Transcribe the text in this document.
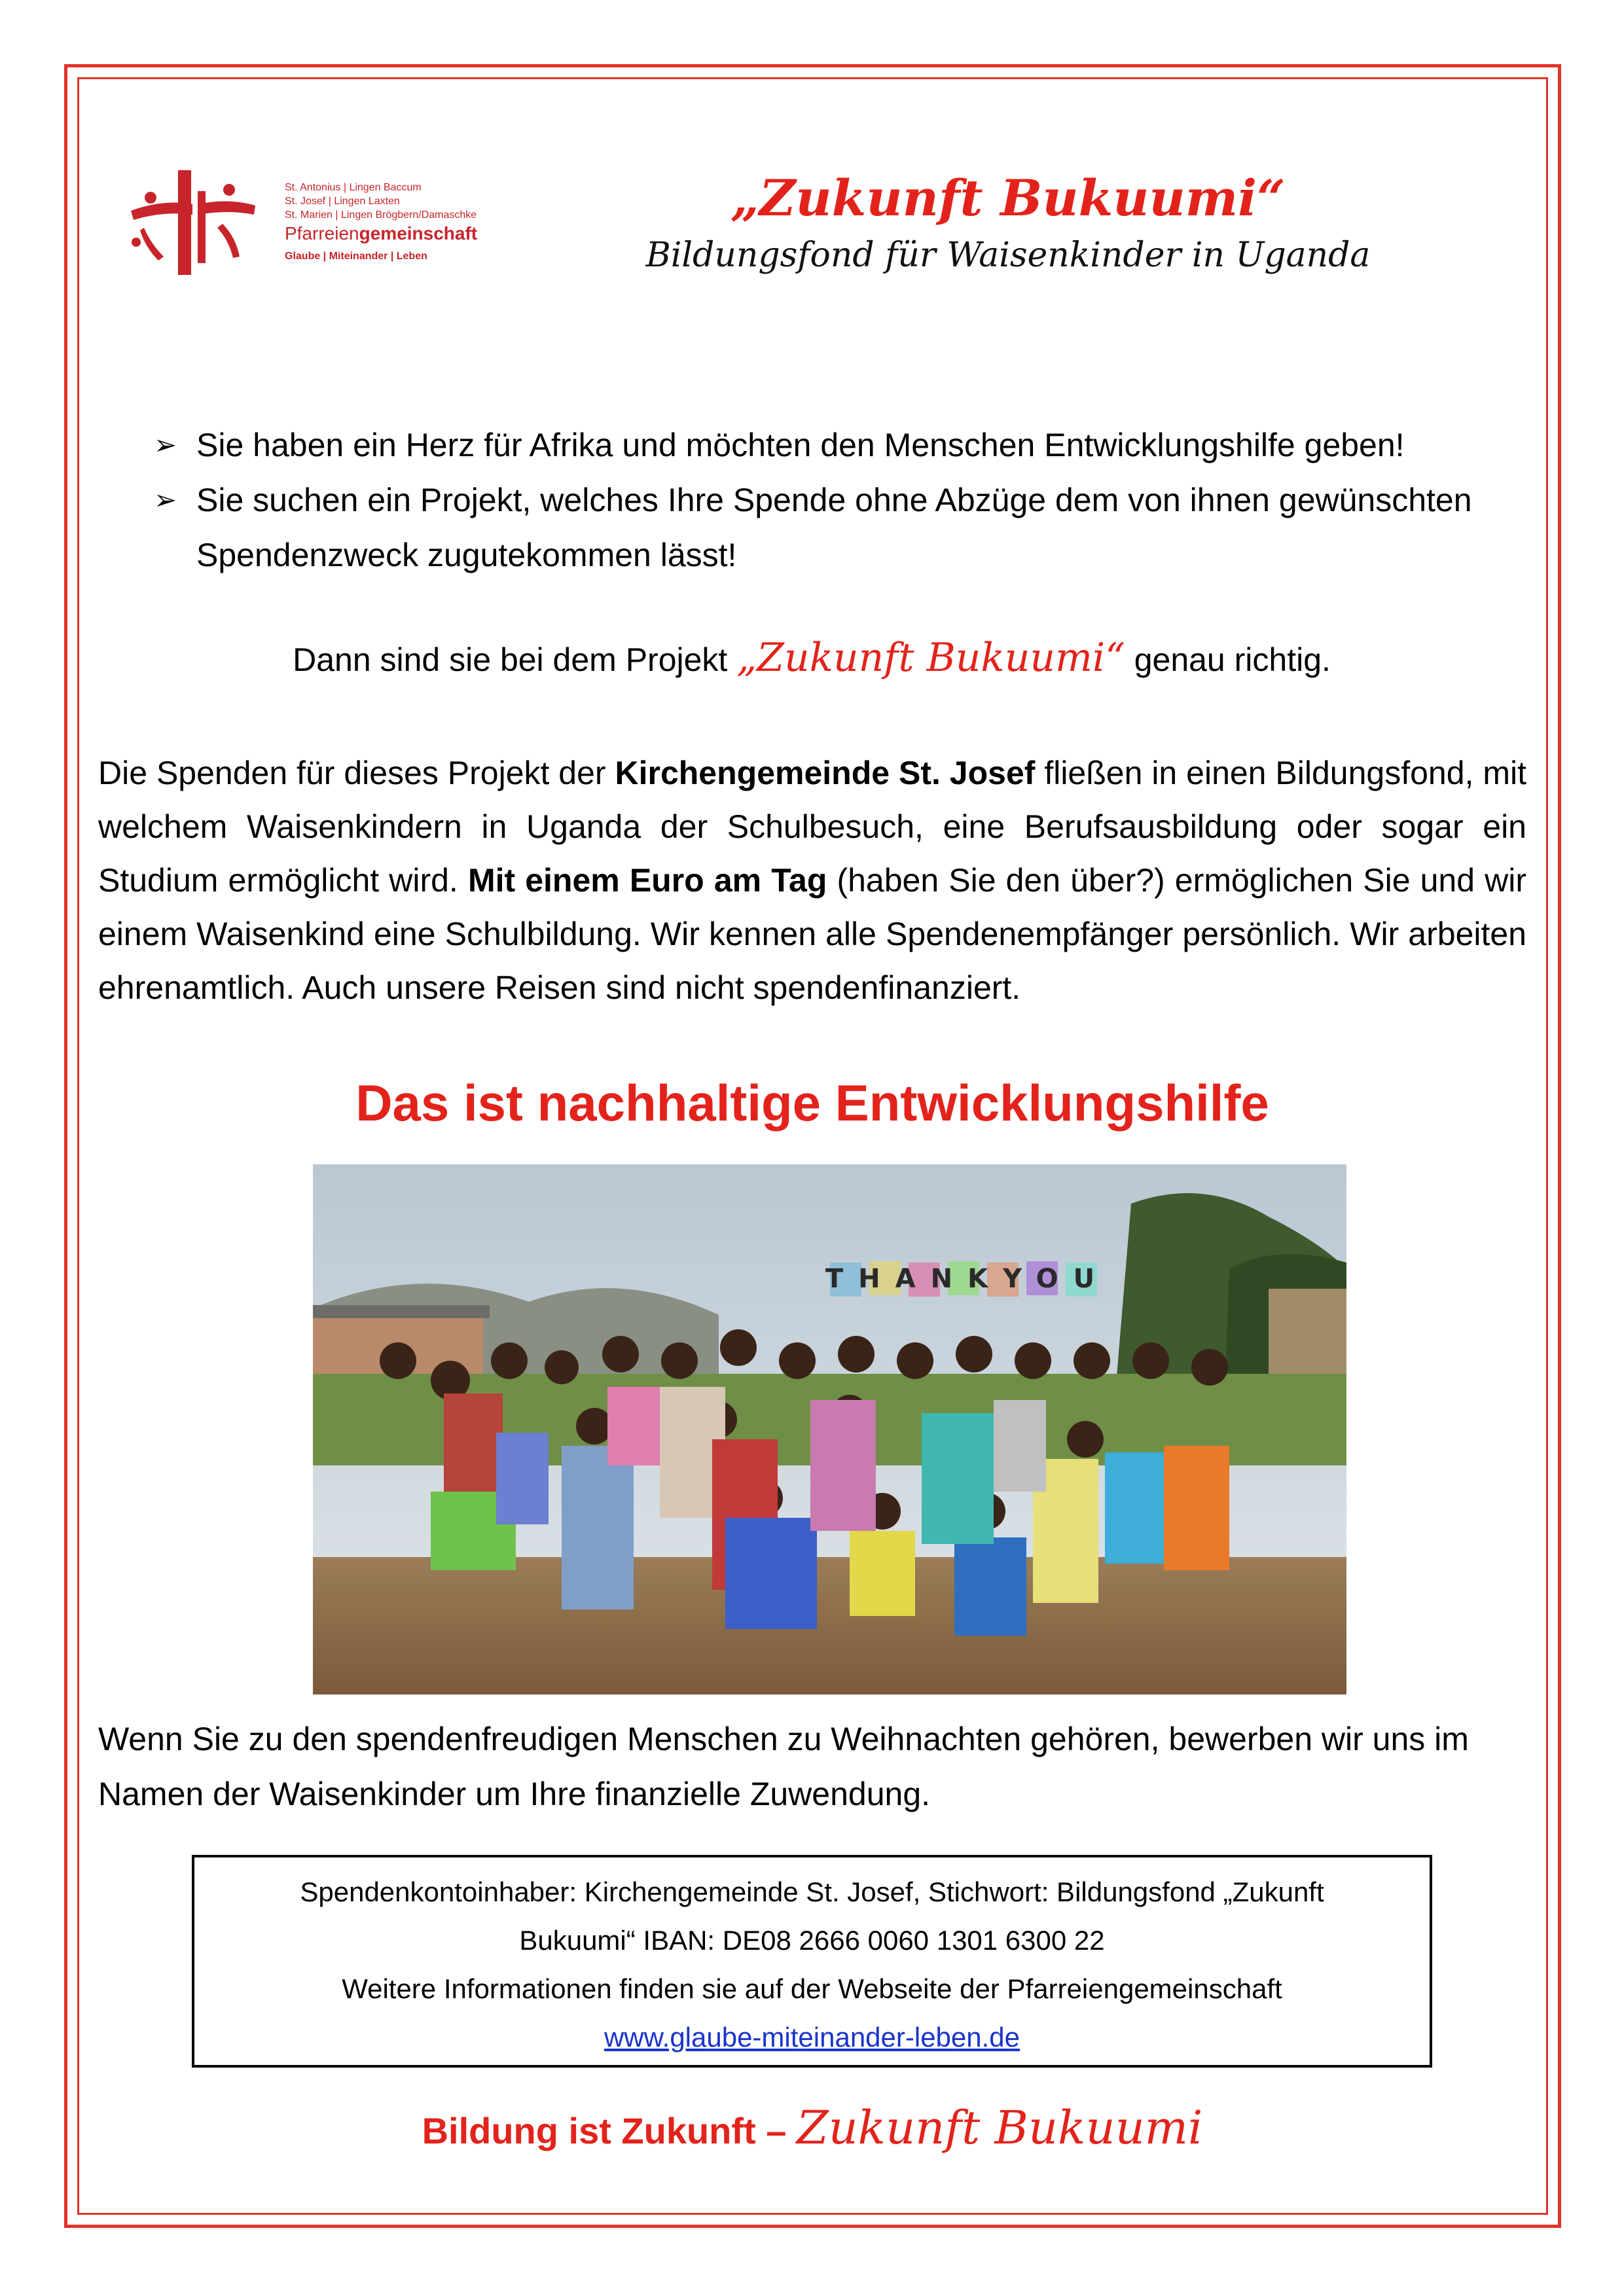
St. Antonius | Lingen Baccum
St. Josef | Lingen Laxten
St. Marien | Lingen Brögbern/Damaschke
Pfarreiengemeinschaft
Glaube | Miteinander | Leben
„Zukunft Bukuumi“
Bildungsfond für Waisenkinder in Uganda
➢ Sie haben ein Herz für Afrika und möchten den Menschen Entwicklungshilfe geben!
➢ Sie suchen ein Projekt, welches Ihre Spende ohne Abzüge dem von ihnen gewünschten Spendenzweck zugutekommen lässt!
Dann sind sie bei dem Projekt „Zukunft Bukuumi“ genau richtig.
Die Spenden für dieses Projekt der Kirchengemeinde St. Josef fließen in einen Bildungsfond, mit welchem Waisenkindern in Uganda der Schulbesuch, eine Berufsausbildung oder sogar ein Studium ermöglicht wird. Mit einem Euro am Tag (haben Sie den über?) ermöglichen Sie und wir einem Waisenkind eine Schulbildung. Wir kennen alle Spendenempfänger persönlich. Wir arbeiten ehrenamtlich. Auch unsere Reisen sind nicht spendenfinanziert.
Das ist nachhaltige Entwicklungshilfe
THANKYOU
Wenn Sie zu den spendenfreudigen Menschen zu Weihnachten gehören, bewerben wir uns im Namen der Waisenkinder um Ihre finanzielle Zuwendung.
Spendenkontoinhaber: Kirchengemeinde St. Josef, Stichwort: Bildungsfond „Zukunft
Bukuumi“ IBAN: DE08 2666 0060 1301 6300 22
Weitere Informationen finden sie auf der Webseite der Pfarreiengemeinschaft
www.glaube-miteinander-leben.de
Bildung ist Zukunft – Zukunft Bukuumi
